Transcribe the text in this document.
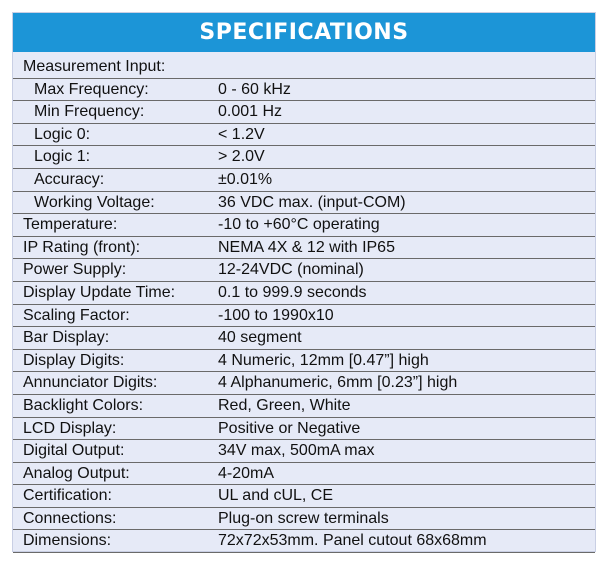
SPECIFICATIONS
Measurement Input:
Max Frequency:	0 - 60 kHz
Min Frequency:	0.001 Hz
Logic 0:	< 1.2V
Logic 1:	> 2.0V
Accuracy:	±0.01%
Working Voltage:	36 VDC max. (input-COM)
Temperature:	-10 to +60°C operating
IP Rating (front):	NEMA 4X & 12 with IP65
Power Supply:	12-24VDC (nominal)
Display Update Time:	0.1 to 999.9 seconds
Scaling Factor:	-100 to 1990x10
Bar Display:	40 segment
Display Digits:	4 Numeric, 12mm [0.47”] high
Annunciator Digits:	4 Alphanumeric, 6mm [0.23”] high
Backlight Colors:	Red, Green, White
LCD Display:	Positive or Negative
Digital Output:	34V max, 500mA max
Analog Output:	4-20mA
Certification:	UL and cUL, CE
Connections:	Plug-on screw terminals
Dimensions:	72x72x53mm. Panel cutout 68x68mm
